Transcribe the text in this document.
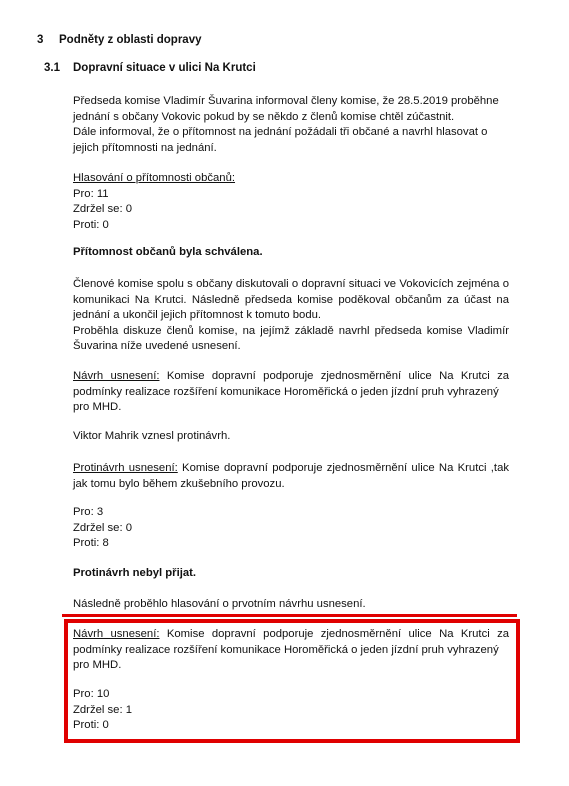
3 Podněty z oblasti dopravy
3.1 Dopravní situace v ulici Na Krutci
Předseda komise Vladimír Šuvarina informoval členy komise, že 28.5.2019 proběhne
jednání s občany Vokovic pokud by se někdo z členů komise chtěl zúčastnit.
Dále informoval, že o přítomnost na jednání požádali tři občané a navrhl hlasovat o
jejich přítomnosti na jednání.
Hlasování o přítomnosti občanů:
Pro: 11
Zdržel se: 0
Proti: 0
Přítomnost občanů byla schválena.
Členové komise spolu s občany diskutovali o dopravní situaci ve Vokovicích zejména o
komunikaci Na Krutci. Následně předseda komise poděkoval občanům za účast na
jednání a ukončil jejich přítomnost k tomuto bodu.
Proběhla diskuze členů komise, na jejímž základě navrhl předseda komise Vladimír
Šuvarina níže uvedené usnesení.
Návrh usnesení: Komise dopravní podporuje zjednosměrnění ulice Na Krutci za
podmínky realizace rozšíření komunikace Horoměřická o jeden jízdní pruh vyhrazený
pro MHD.
Viktor Mahrik vznesl protinávrh.
Protinávrh usnesení: Komise dopravní podporuje zjednosměrnění ulice Na Krutci ,tak
jak tomu bylo během zkušebního provozu.
Pro: 3
Zdržel se: 0
Proti: 8
Protinávrh nebyl přijat.
Následně proběhlo hlasování o prvotním návrhu usnesení.
Návrh usnesení: Komise dopravní podporuje zjednosměrnění ulice Na Krutci za
podmínky realizace rozšíření komunikace Horoměřická o jeden jízdní pruh vyhrazený
pro MHD.
Pro: 10
Zdržel se: 1
Proti: 0
